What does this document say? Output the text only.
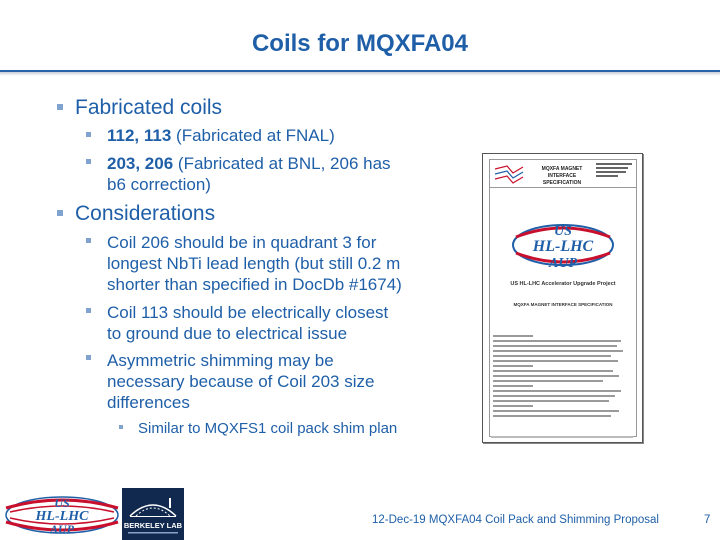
Coils for MQXFA04
Fabricated coils
112, 113 (Fabricated at FNAL)
203, 206 (Fabricated at BNL, 206 has
b6 correction)
Considerations
Coil 206 should be in quadrant 3 for
longest NbTi lead length (but still 0.2 m
shorter than specified in DocDb #1674)
Coil 113 should be electrically closest
to ground due to electrical issue
Asymmetric shimming may be
necessary because of Coil 203 size
differences
Similar to MQXFS1 coil pack shim plan
MQXFA MAGNET INTERFACE SPECIFICATION
US
HL-LHC
AUP
US HL-LHC Accelerator Upgrade Project
MQXFA MAGNET INTERFACE SPECIFICATION
US
HL-LHC
AUP	BERKELEY LAB	12-Dec-19 MQXFA04 Coil Pack and Shimming Proposal	7
